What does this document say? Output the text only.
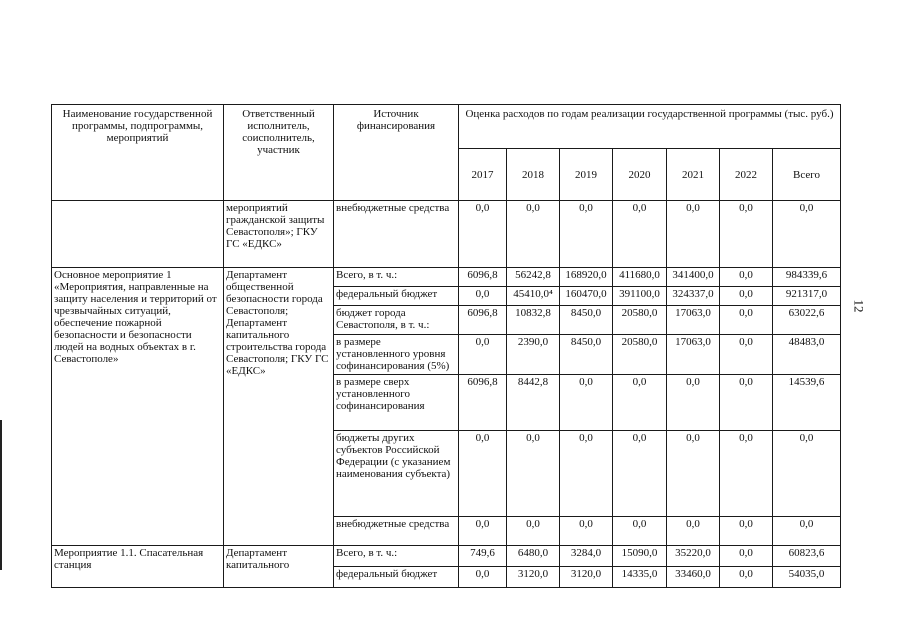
Наименование государственной программы, подпрограммы, мероприятий	Ответственный исполнитель, соисполнитель, участник	Источник финансирования	Оценка расходов по годам реализации государственной программы (тыс. руб.)						
			2017	2018	2019	2020	2021	2022	Всего
	мероприятий гражданской защиты Севастополя»; ГКУ ГС «ЕДКС»	внебюджетные средства	0,0	0,0	0,0	0,0	0,0	0,0	0,0
Основное мероприятие 1 «Мероприятия, направленные на защиту населения и территорий от чрезвычайных ситуаций, обеспечение пожарной безопасности и безопасности людей на водных объектах в г. Севастополе»	Департамент общественной безопасности города Севастополя; Департамент капитального строительства города Севастополя; ГКУ ГС «ЕДКС»	Всего, в т. ч.:	6096,8	56242,8	168920,0	411680,0	341400,0	0,0	984339,6
		федеральный бюджет	0,0	45410,0⁴	160470,0	391100,0	324337,0	0,0	921317,0
		бюджет города Севастополя, в т. ч.:	6096,8	10832,8	8450,0	20580,0	17063,0	0,0	63022,6
		в размере установленного уровня софинансирования (5%)	0,0	2390,0	8450,0	20580,0	17063,0	0,0	48483,0
		в размере сверх установленного софинансирования	6096,8	8442,8	0,0	0,0	0,0	0,0	14539,6
		бюджеты других субъектов Российской Федерации (с указанием наименования субъекта)	0,0	0,0	0,0	0,0	0,0	0,0	0,0
		внебюджетные средства	0,0	0,0	0,0	0,0	0,0	0,0	0,0
Мероприятие 1.1. Спасательная станция	Департамент капитального	Всего, в т. ч.:	749,6	6480,0	3284,0	15090,0	35220,0	0,0	60823,6
		федеральный бюджет	0,0	3120,0	3120,0	14335,0	33460,0	0,0	54035,0
12
